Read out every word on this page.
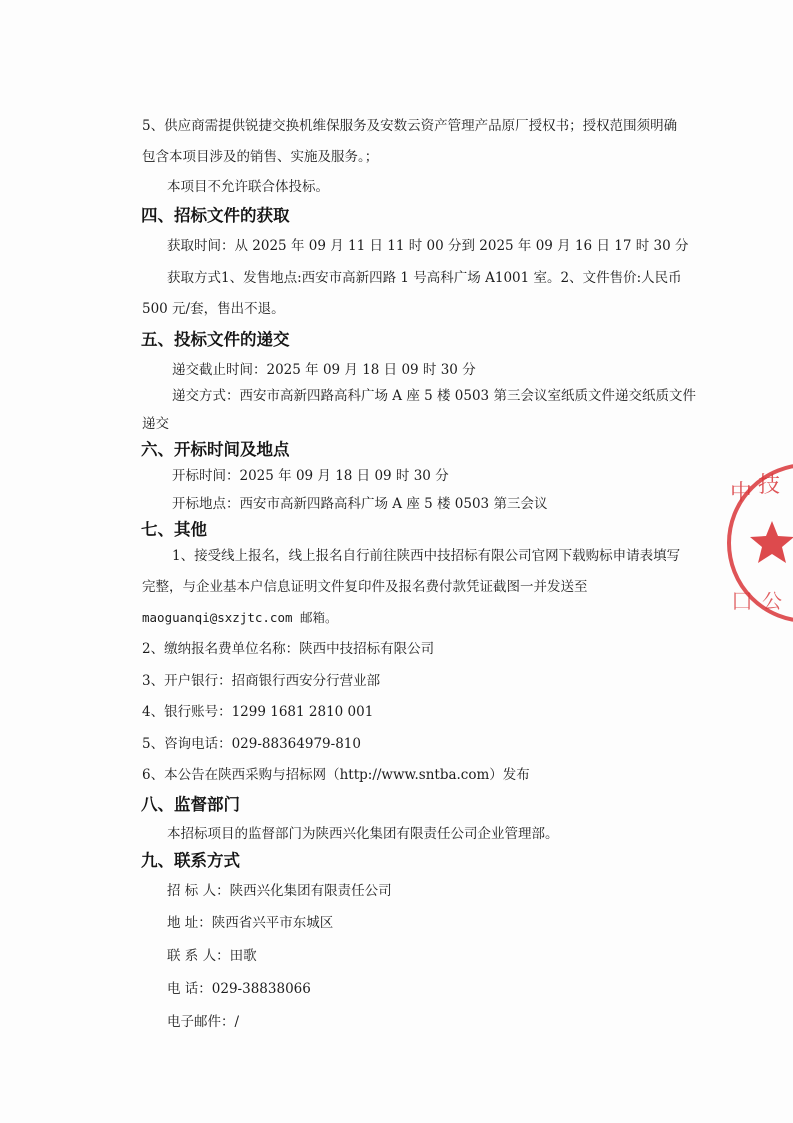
5、供应商需提供锐捷交换机维保服务及安数云资产管理产品原厂授权书；授权范围须明确
包含本项目涉及的销售、实施及服务。；
本项目不允许联合体投标。
四、招标文件的获取
获取时间：从 2025 年 09 月 11 日 11 时 00 分到 2025 年 09 月 16 日 17 时 30 分
获取方式1、发售地点:西安市高新四路 1 号高科广场 A1001 室。2、文件售价:人民币
500 元/套，售出不退。
五、投标文件的递交
递交截止时间：2025 年 09 月 18 日 09 时 30 分
递交方式：西安市高新四路高科广场 A 座 5 楼 0503 第三会议室纸质文件递交纸质文件
递交
六、开标时间及地点
开标时间：2025 年 09 月 18 日 09 时 30 分
开标地点：西安市高新四路高科广场 A 座 5 楼 0503 第三会议
七、其他
1、接受线上报名，线上报名自行前往陕西中技招标有限公司官网下载购标申请表填写
完整，与企业基本户信息证明文件复印件及报名费付款凭证截图一并发送至
maoguanqi@sxzjtc.com 邮箱。
2、缴纳报名费单位名称：陕西中技招标有限公司
3、开户银行：招商银行西安分行营业部
4、银行账号：1299 1681 2810 001
5、咨询电话：029-88364979-810
6、本公告在陕西采购与招标网（http://www.sntba.com）发布
八、监督部门
本招标项目的监督部门为陕西兴化集团有限责任公司企业管理部。
九、联系方式
招 标 人：陕西兴化集团有限责任公司
地 址：陕西省兴平市东城区
联 系 人：田歌
电 话：029-38838066
电子邮件：/
中 技
囗 公
